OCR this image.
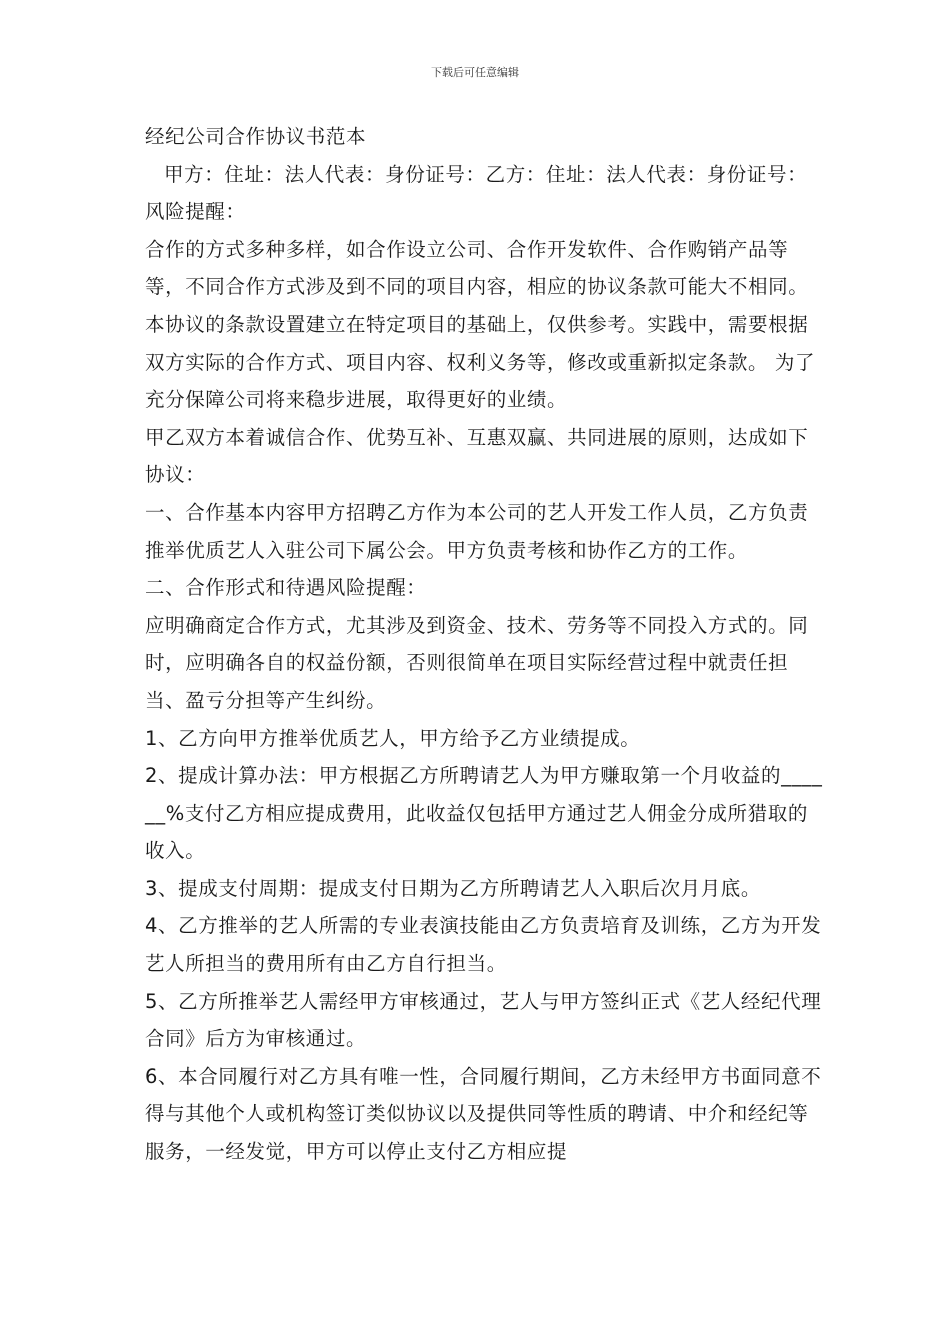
下载后可任意编辑

经纪公司合作协议书范本

甲方：住址：法人代表：身份证号：乙方：住址：法人代表：身份证号：风险提醒：

合作的方式多种多样，如合作设立公司、合作开发软件、合作购销产品等等，不同合作方式涉及到不同的项目内容，相应的协议条款可能大不相同。

本协议的条款设置建立在特定项目的基础上，仅供参考。实践中，需要根据双方实际的合作方式、项目内容、权利义务等，修改或重新拟定条款。 为了充分保障公司将来稳步进展，取得更好的业绩。

甲乙双方本着诚信合作、优势互补、互惠双赢、共同进展的原则，达成如下协议：

一、合作基本内容甲方招聘乙方作为本公司的艺人开发工作人员，乙方负责推举优质艺人入驻公司下属公会。甲方负责考核和协作乙方的工作。

二、合作形式和待遇风险提醒：

应明确商定合作方式，尤其涉及到资金、技术、劳务等不同投入方式的。同时，应明确各自的权益份额，否则很简单在项目实际经营过程中就责任担当、盈亏分担等产生纠纷。

1、乙方向甲方推举优质艺人，甲方给予乙方业绩提成。

2、提成计算办法：甲方根据乙方所聘请艺人为甲方赚取第一个月收益的______%支付乙方相应提成费用，此收益仅包括甲方通过艺人佣金分成所猎取的收入。

3、提成支付周期：提成支付日期为乙方所聘请艺人入职后次月月底。

4、乙方推举的艺人所需的专业表演技能由乙方负责培育及训练，乙方为开发艺人所担当的费用所有由乙方自行担当。

5、乙方所推举艺人需经甲方审核通过，艺人与甲方签纠正式《艺人经纪代理合同》后方为审核通过。

6、本合同履行对乙方具有唯一性，合同履行期间，乙方未经甲方书面同意不得与其他个人或机构签订类似协议以及提供同等性质的聘请、中介和经纪等服务，一经发觉，甲方可以停止支付乙方相应提
